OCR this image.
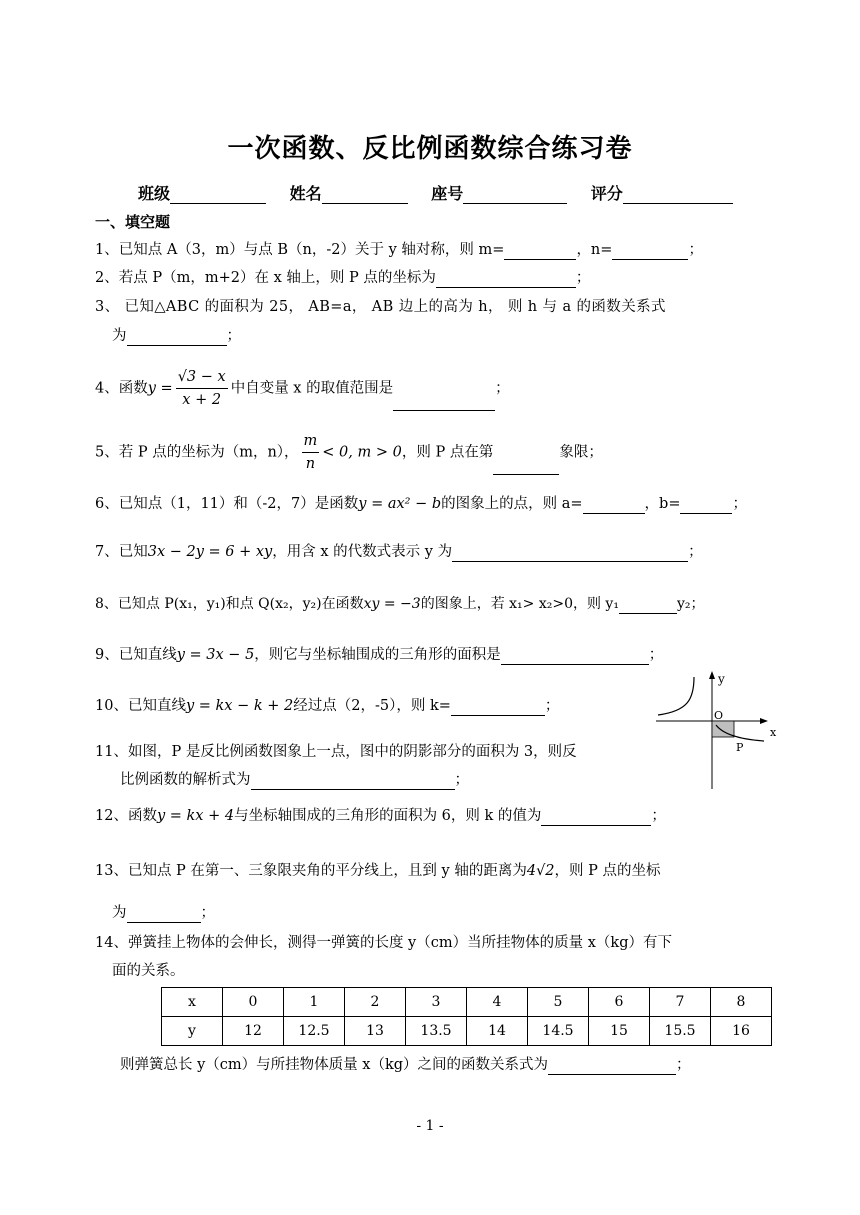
一次函数、反比例函数综合练习卷
班级	姓名	座号	评分
一、填空题
1、已知点 A（3，m）与点 B（n，-2）关于 y 轴对称，则 m=	，n=	；
2、若点 P（m，m+2）在 x 轴上，则 P 点的坐标为	；
3、 已知△ABC 的面积为 25， AB=a， AB 边上的高为 h， 则 h 与 a 的函数关系式
为	；
4、函数$y = \frac{√3 - x}{x + 2}$ 中自变量 x 的取值范围是	；
5、若 P 点的坐标为（m，n）， $\frac{m}{n} < 0$, m > 0，则 P 点在第	象限；
6、已知点（1，11）和（-2，7）是函数y = ax² − b的图象上的点，则 a=	，b=	；
7、已知3x − 2y = 6 + xy，用含 x 的代数式表示 y 为	；
8、已知点 P(x₁，y₁)和点 Q(x₂，y₂)在函数xy = −3的图象上，若 x₁> x₂>0，则 y₁	y₂；
9、已知直线y = 3x − 5，则它与坐标轴围成的三角形的面积是	；
10、已知直线y = kx − k + 2经过点（2，-5），则 k=	；
11、如图，P 是反比例函数图象上一点，图中的阴影部分的面积为 3，则反
比例函数的解析式为	；
y
x
O
P
12、函数y = kx + 4与坐标轴围成的三角形的面积为 6，则 k 的值为	；
13、已知点 P 在第一、三象限夹角的平分线上，且到 y 轴的距离为4√2，则 P 点的坐标
为	；
14、弹簧挂上物体的会伸长，测得一弹簧的长度 y（cm）当所挂物体的质量 x（kg）有下
面的关系。
x	0	1	2	3	4	5	6	7	8
y	12	12.5	13	13.5	14	14.5	15	15.5	16
则弹簧总长 y（cm）与所挂物体质量 x（kg）之间的函数关系式为	；
- 1 -
